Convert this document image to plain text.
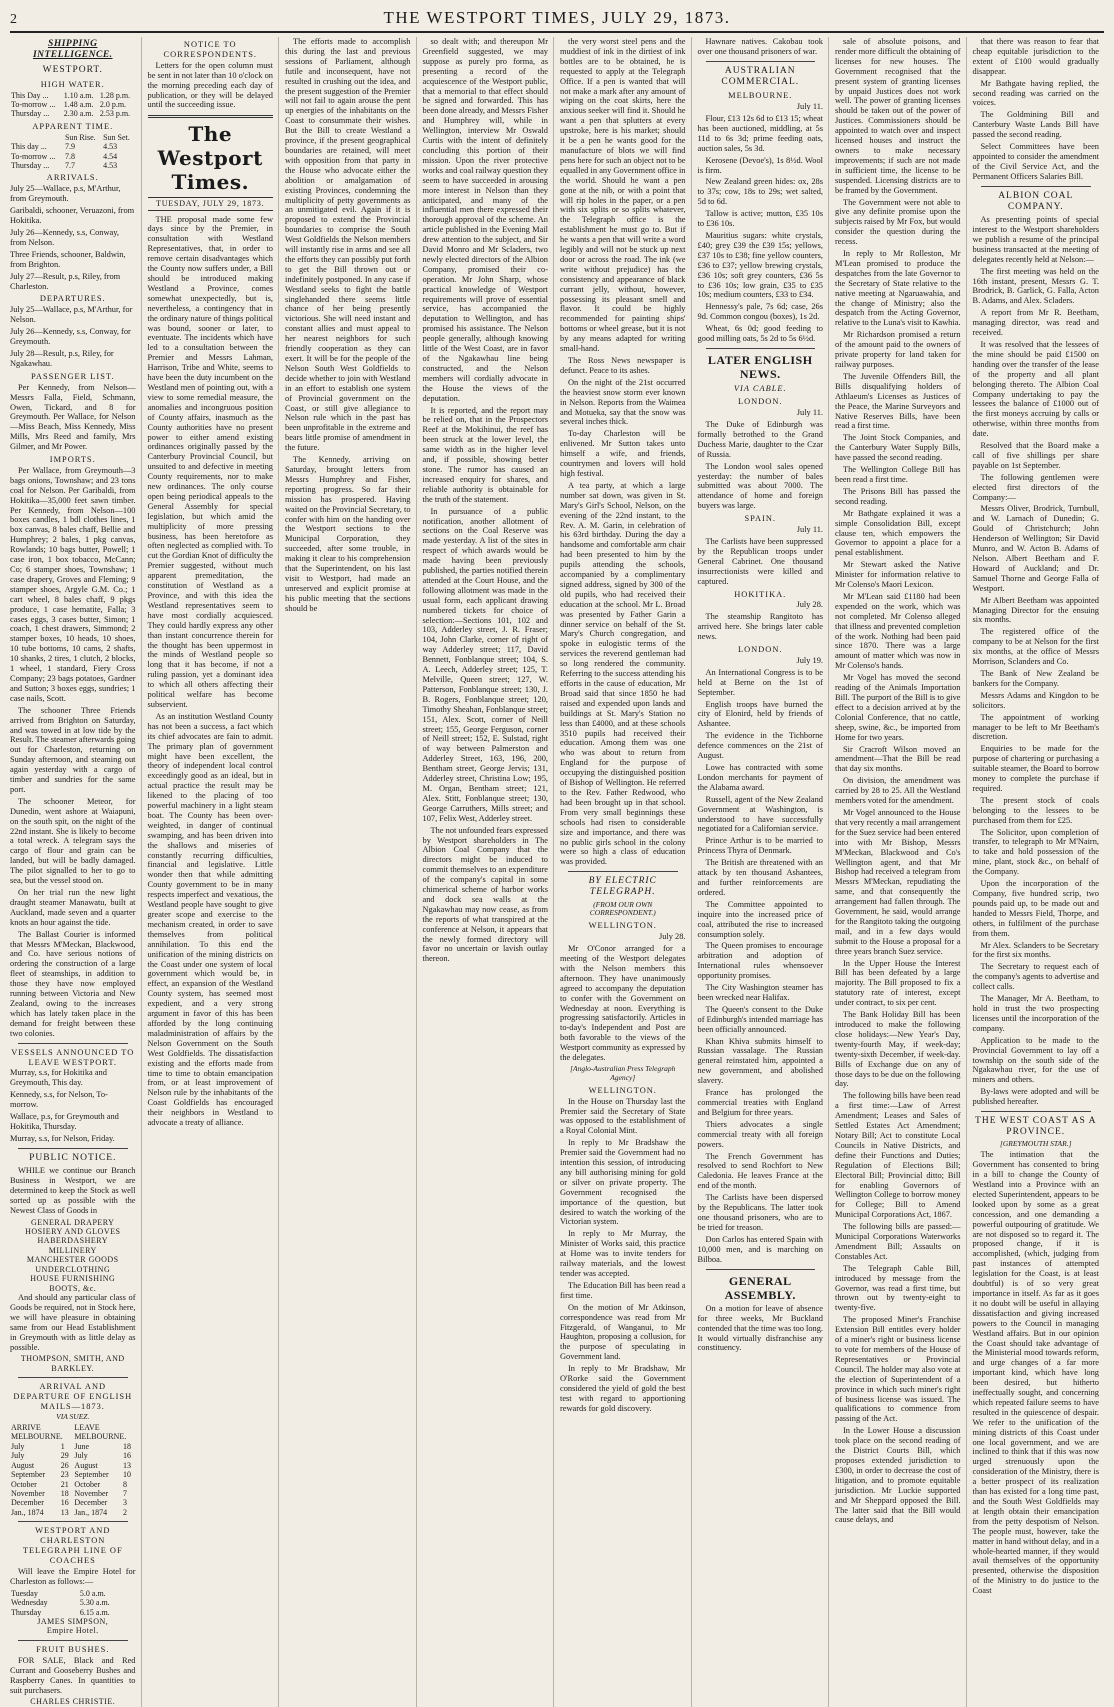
2	THE WESTPORT TIMES, JULY 29, 1873.
SHIPPING INTELLIGENCE.
WESTPORT.
HIGH WATER.
This Day ...	1.10 a.m.	1.28 p.m.
To-morrow ...	1.48 a.m.	2.0 p.m.
Thursday ...	2.30 a.m.	2.53 p.m.
APPARENT TIME.
	Sun Rise.	Sun Set.
This day ...	7.9	4.53
To-morrow ...	7.8	4.54
Thursday ...	7.7	4.53
ARRIVALS.
July 25—Wallace, p.s, M'Arthur, from Greymouth.
Garibaldi, schooner, Veruazoni, from Hokitika.
July 26—Kennedy, s.s, Conway, from Nelson.
Three Friends, schooner, Baldwin, from Brighton.
July 27—Result, p.s, Riley, from Charleston.
DEPARTURES.
July 25—Wallace, p.s, M'Arthur, for Nelson.
July 26—Kennedy, s.s, Conway, for Greymouth.
July 28—Result, p.s, Riley, for Ngakawhau.
PASSENGER LIST.
Per Kennedy, from Nelson—Messrs Falla, Field, Schmann, Owen, Tickard, and 8 for Greymouth. Per Wallace, for Nelson—Miss Beach, Miss Kennedy, Miss Mills, Mrs Reed and family, Mrs Gilmer, and Mr Power.
IMPORTS.
Per Wallace, from Greymouth—3 bags onions, Townshaw; and 23 tons coal for Nelson. Per Garibaldi, from Hokitika—35,000 feet sawn timber. Per Kennedy, from Nelson—100 boxes candles, 1 bdl clothes lines, 1 box canvas, 8 bales chaff, Bellie and Humphrey; 2 bales, 1 pkg canvas, Rowlands; 10 bags butter, Powell; 1 case iron, 1 box tobacco, McCann; Co; 6 stamper shoes, Townshaw; 1 case drapery, Groves and Fleming; 9 stamper shoes, Argyle G.M. Co.; 1 cart wheel, 8 bales chaff, 9 pkgs produce, 1 case hematite, Falla; 3 cases eggs, 3 cases butter, Simon; 1 coach, 1 chest drawers, Simmond; 2 stamper boxes, 10 heads, 10 shoes, 10 tube bottoms, 10 cams, 2 shafts, 10 shanks, 2 tires, 1 clutch, 2 blocks, 1 wheel, 1 standard, Fiery Cross Company; 23 bags potatoes, Gardner and Sutton; 3 boxes eggs, sundries; 1 case nails, Scott.
The schooner Three Friends arrived from Brighton on Saturday, and was towed in at low tide by the Result. The steamer afterwards going out for Charleston, returning on Sunday afternoon, and steaming out again yesterday with a cargo of timber and sundries for the same port.
The schooner Meteor, for Dunedin, went ashore at Waiapuni, on the south spit, on the night of the 22nd instant. She is likely to become a total wreck. A telegram says the cargo of flour and grain can be landed, but will be badly damaged. The pilot signalled to her to go to sea, but the vessel stood on.
On her trial run the new light draught steamer Manawatu, built at Auckland, made seven and a quarter knots an hour against the tide.
The Ballast Courier is informed that Messrs M'Meckan, Blackwood, and Co. have serious notions of ordering the construction of a large fleet of steamships, in addition to those they have now employed running between Victoria and New Zealand, owing to the increases which has lately taken place in the demand for freight between these two colonies.
VESSELS ANNOUNCED TO LEAVE WESTPORT.
Murray, s.s, for Hokitika and Greymouth, This day.
Kennedy, s.s, for Nelson, To-morrow.
Wallace, p.s, for Greymouth and Hokitika, Thursday.
Murray, s.s, for Nelson, Friday.
PUBLIC NOTICE.
WHILE we continue our Branch Business in Westport, we are determined to keep the Stock as well sorted up as possible with the Newest Class of Goods in
GENERAL DRAPERY
HOSIERY AND GLOVES
HABERDASHERY
MILLINERY
MANCHESTER GOODS
UNDERCLOTHING
HOUSE FURNISHING
BOOTS, &c.
And should any particular class of Goods be required, not in Stock here, we will have pleasure in obtaining same from our Head Establishment in Greymouth with as little delay as possible.
THOMPSON, SMITH, AND BARKLEY.
ARRIVAL AND DEPARTURE OF ENGLISH MAILS—1873.
VIA SUEZ.
ARRIVE MELBOURNE.		LEAVE MELBOURNE.	
July	1	June	18
July	29	July	16
August	26	August	13
September	23	September	10
October	21	October	8
November	18	November	7
December	16	December	3
Jan., 1874	13	Jan., 1874	2
WESTPORT AND CHARLESTON TELEGRAPH LINE OF COACHES
Will leave the Empire Hotel for Charleston as follows:—
Tuesday	5.0 a.m.
Wednesday	5.30 a.m.
Thursday	6.15 a.m.
JAMES SIMPSON,
Empire Hotel.
FRUIT BUSHES.
FOR SALE, Black and Red Currant and Gooseberry Bushes and Raspberry Canes. In quantities to suit purchasers.
CHARLES CHRISTIE.
NOTICE TO CORRESPONDENTS.
Letters for the open column must be sent in not later than 10 o'clock on the morning preceding each day of publication, or they will be delayed until the succeeding issue.
The Westport Times.
TUESDAY, JULY 29, 1873.
THE proposal made some few days since by the Premier, in consultation with Westland Representatives, that, in order to remove certain disadvantages which the County now suffers under, a Bill should be introduced making Westland a Province, comes somewhat unexpectedly, but is, nevertheless, a contingency that in the ordinary nature of things political was bound, sooner or later, to eventuate. The incidents which have led to a consultation between the Premier and Messrs Lahman, Harrison, Tribe and White, seems to have been the duty incumbent on the Westland men of pointing out, with a view to some remedial measure, the anomalies and incongruous position of County affairs, inasmuch as the County authorities have no present power to either amend existing ordinances originally passed by the Canterbury Provincial Council, but unsuited to and defective in meeting County requirements, nor to make new ordinances. The only course open being periodical appeals to the General Assembly for special legislation, but which amid the multiplicity of more pressing business, has been heretofore as often neglected as complied with. To cut the Gordian Knot of difficulty the Premier suggested, without much apparent premeditation, the constitution of Westland as a Province, and with this idea the Westland representatives seem to have most cordially acquiesced. They could hardly express any other than instant concurrence therein for the thought has been uppermost in the minds of Westland people so long that it has become, if not a ruling passion, yet a dominant idea to which all others affecting their political welfare has become subservient.
As an institution Westland County has not been a success, a fact which its chief advocates are fain to admit. The primary plan of government might have been excellent, the theory of independent local control exceedingly good as an ideal, but in actual practice the result may be likened to the placing of too powerful machinery in a light steam boat. The County has been over-weighted, in danger of continual swamping, and has been driven into the shallows and miseries of constantly recurring difficulties, financial and legislative. Little wonder then that while admitting County government to be in many respects imperfect and vexatious, the Westland people have sought to give greater scope and exercise to the mechanism created, in order to save themselves from political annihilation. To this end the unification of the mining districts on the Coast under one system of local government which would be, in effect, an expansion of the Westland County system, has seemed most expedient, and a very strong argument in favor of this has been afforded by the long continuing maladministration of affairs by the Nelson Government on the South West Goldfields. The dissatisfaction existing and the efforts made from time to time to obtain emancipation from, or at least improvement of Nelson rule by the inhabitants of the Coast Goldfields has encouraged their neighbors in Westland to advocate a treaty of alliance.
The efforts made to accomplish this during the last and previous sessions of Parliament, although futile and inconsequent, have not resulted in crushing out the idea, and the present suggestion of the Premier will not fail to again arouse the pent up energies of the inhabitants on the Coast to consummate their wishes. But the Bill to create Westland a province, if the present geographical boundaries are retained, will meet with opposition from that party in the House who advocate either the abolition or amalgamation of existing Provinces, condemning the multiplicity of petty governments as an unmitigated evil. Again if it is proposed to extend the Provincial boundaries to comprise the South West Goldfields the Nelson members will instantly rise in arms and see all the efforts they can possibly put forth to get the Bill thrown out or indefinitely postponed. In any case if Westland seeks to fight the battle singlehanded there seems little chance of her being presently victorious. She will need instant and constant allies and must appeal to her nearest neighbors for such friendly cooperation as they can exert. It will be for the people of the Nelson South West Goldfields to decide whether to join with Westland in an effort to establish one system of Provincial government on the Coast, or still give allegiance to Nelson rule which in the past has been unprofitable in the extreme and bears little promise of amendment in the future.
The Kennedy, arriving on Saturday, brought letters from Messrs Humphrey and Fisher, reporting progress. So far their mission has prospered. Having waited on the Provincial Secretary, to confer with him on the handing over the Westport sections to the Municipal Corporation, they succeeded, after some trouble, in making it clear to his comprehension that the Superintendent, on his last visit to Westport, had made an unreserved and explicit promise at his public meeting that the sections should be
so dealt with; and thereupon Mr Greenfield suggested, we may suppose as purely pro forma, as presenting a record of the acquiescence of the Westport public, that a memorial to that effect should be signed and forwarded. This has been done already, and Messrs Fisher and Humphrey will, while in Wellington, interview Mr Oswald Curtis with the intent of definitely concluding this portion of their mission. Upon the river protective works and coal railway question they seem to have succeeded in arousing more interest in Nelson than they anticipated, and many of the influential men there expressed their thorough approval of the scheme. An article published in the Evening Mail drew attention to the subject, and Sir David Monro and Mr Scladers, two newly elected directors of the Albion Company, promised their co-operation. Mr John Sharp, whose practical knowledge of Westport requirements will prove of essential service, has accompanied the deputation to Wellington, and has promised his assistance. The Nelson people generally, although knowing little of the West Coast, are in favor of the Ngakawhau line being constructed, and the Nelson members will cordially advocate in the House the views of the deputation.
It is reported, and the report may be relied on, that in the Prospectors Reef at the Mokihinui, the reef has been struck at the lower level, the same width as in the higher level and, if possible, showing better stone. The rumor has caused an increased enquiry for shares, and reliable authority is obtainable for the truth of the statement.
In pursuance of a public notification, another allotment of sections on the Coal Reserve was made yesterday. A list of the sites in respect of which awards would be made having been previously published, the parties notified therein attended at the Court House, and the following allotment was made in the usual form, each applicant drawing numbered tickets for choice of selection:—Sections 101, 102 and 103, Adderley street, J. R. Fraser; 104, John Clarke, corner of right of way Adderley street; 117, David Bennett, Fonblanque street; 104, S. A. Leech, Adderley street; 125, T. Melville, Queen street; 127, W. Patterson, Fonblanque street; 130, J. B. Rogers, Fonblanque street; 120, Timothy Sheahan, Fonblanque street; 151, Alex. Scott, corner of Neill street; 155, George Ferguson, corner of Neill street; 152, E. Sulstad, right of way between Palmerston and Adderley Street, 163, 196, 200, Bentham street, George Jervis; 131, Adderley street, Christina Low; 195, M. Organ, Bentham street; 121, Alex. Stitt, Fonblanque street; 130, George Carruthers, Mills street; and 107, Felix West, Adderley street.
The not unfounded fears expressed by Westport shareholders in The Albion Coal Company that the directors might be induced to commit themselves to an expenditure of the company's capital in some chimerical scheme of harbor works and dock sea walls at the Ngakawhau may now cease, as from the reports of what transpired at the conference at Nelson, it appears that the newly formed directory will favor no uncertain or lavish outlay thereon.
the very worst steel pens and the muddiest of ink in the dirtiest of ink bottles are to be obtained, he is requested to apply at the Telegraph Office. If a pen is wanted that will not make a mark after any amount of wiping on the coat skirts, here the anxious seeker will find it. Should he want a pen that splutters at every upstroke, here is his market; should it be a pen he wants good for the manufacture of blots we will find pens here for such an object not to be equalled in any Government office in the world. Should he want a pen gone at the nib, or with a point that will rip holes in the paper, or a pen with six splits or so splits whatever, the Telegraph office is the establishment he must go to. But if he wants a pen that will write a word legibly and will not be stuck up next door or across the road. The ink (we write without prejudice) has the consistency and appearance of black currant jelly, without, however, possessing its pleasant smell and flavor. It could be highly recommended for painting ships' bottoms or wheel grease, but it is not by any means adapted for writing small-hand.
The Ross News newspaper is defunct. Peace to its ashes.
On the night of the 21st occurred the heaviest snow storm ever known in Nelson. Reports from the Waimea and Motueka, say that the snow was several inches thick.
To-day Charleston will be enlivened. Mr Sutton takes unto himself a wife, and friends, countrymen and lovers will hold high festival.
A tea party, at which a large number sat down, was given in St. Mary's Girl's School, Nelson, on the evening of the 22nd instant, to the Rev. A. M. Garin, in celebration of his 63rd birthday. During the day a handsome and comfortable arm chair had been presented to him by the pupils attending the schools, accompanied by a complimentary signed address, signed by 300 of the old pupils, who had received their education at the school. Mr L. Broad was presented by Father Garin a dinner service on behalf of the St. Mary's Church congregation, and spoke in eulogistic terms of the services the reverend gentleman had so long rendered the community. Referring to the success attending his efforts in the cause of education, Mr Broad said that since 1850 he had raised and expended upon lands and buildings at St. Mary's Station no less than £4000, and at these schools 3510 pupils had received their education. Among them was one who was about to return from England for the purpose of occupying the distinguished position of Bishop of Wellington. He referred to the Rev. Father Redwood, who had been brought up in that school. From very small beginnings these schools had risen to considerable size and importance, and there was no public girls school in the colony were so high a class of education was provided.
BY ELECTRIC TELEGRAPH.
(FROM OUR OWN CORRESPONDENT.)
WELLINGTON.
July 28.
Mr O'Conor arranged for a meeting of the Westport delegates with the Nelson members this afternoon. They have unanimously agreed to accompany the deputation to confer with the Government on Wednesday at noon. Everything is progressing satisfactorily. Articles in to-day's Independent and Post are both favorable to the views of the Westport community as expressed by the delegates.
[Anglo-Australian Press Telegraph Agency]
WELLINGTON.
In the House on Thursday last the Premier said the Secretary of State was opposed to the establishment of a Royal Colonial Mint.
In reply to Mr Bradshaw the Premier said the Government had no intention this session, of introducing any bill authorising mining for gold or silver on private property. The Government recognised the importance of the question, but desired to watch the working of the Victorian system.
In reply to Mr Murray, the Minister of Works said, this practice at Home was to invite tenders for railway materials, and the lowest tender was accepted.
The Education Bill has been read a first time.
On the motion of Mr Atkinson, correspondence was read from Mr Fitzgerald, of Wanganui, to Mr Haughton, proposing a collusion, for the purpose of speculating in Government land.
In reply to Mr Bradshaw, Mr O'Rorke said the Government considered the yield of gold the best test with regard to apportioning rewards for gold discovery.
Hawnare natives. Cakobau took over one thousand prisoners of war.
AUSTRALIAN COMMERCIAL.
MELBOURNE.
July 11.
Flour, £13 12s 6d to £13 15; wheat has been auctioned, middling, at 5s 11d to 6s 3d; prime feeding oats, auction sales, 5s 3d.
Kerosene (Devoe's), 1s 8½d. Wool is firm.
New Zealand green hides: ox, 28s to 37s; cow, 18s to 29s; wet salted, 5d to 6d.
Tallow is active; mutton, £35 10s to £36 10s.
Mauritius sugars: white crystals, £40; grey £39 the £39 15s; yellows, £37 10s to £38; fine yellow counters, £36 to £37; yellow brewing crystals, £36 10s; soft grey counters, £36 5s to £36 10s; low grain, £35 to £35 10s; medium counters, £33 to £34.
Hennessy's pale, 7s 6d; case, 26s 9d. Common congou (boxes), 1s 2d.
Wheat, 6s 0d; good feeding to good milling oats, 5s 2d to 5s 6½d.
LATER ENGLISH NEWS.
VIA CABLE.
LONDON.
July 11.
The Duke of Edinburgh was formally betrothed to the Grand Duchess Marie, daughter to the Czar of Russia.
The London wool sales opened yesterday: the number of bales submitted was about 7000. The attendance of home and foreign buyers was large.
SPAIN.
July 11.
The Carlists have been suppressed by the Republican troops under General Cabrinet. One thousand insurrectionists were killed and captured.
HOKITIKA.
July 28.
The steamship Rangitoto has arrived here. She brings later cable news.
LONDON.
July 19.
An International Congress is to be held at Berne on the 1st of September.
English troops have burned the city of Elonird, held by friends of Ashantee.
The evidence in the Tichborne defence commences on the 21st of August.
Lowe has contracted with some London merchants for payment of the Alabama award.
Russell, agent of the New Zealand Government at Washington, is understood to have successfully negotiated for a Californian service.
Prince Arthur is to be married to Princess Thyra of Denmark.
The British are threatened with an attack by ten thousand Ashantees, and further reinforcements are ordered.
The Committee appointed to inquire into the increased price of coal, attributed the rise to increased consumption solely.
The Queen promises to encourage arbitration and adoption of International rules whensoever opportunity promises.
The City Washington steamer has been wrecked near Halifax.
The Queen's consent to the Duke of Edinburgh's intended marriage has been officially announced.
Khan Khiva submits himself to Russian vassalage. The Russian general reinstated him, appointed a new government, and abolished slavery.
France has prolonged the commercial treaties with England and Belgium for three years.
Thiers advocates a single commercial treaty with all foreign powers.
The French Government has resolved to send Rochfort to New Caledonia. He leaves France at the end of the month.
The Carlists have been dispersed by the Republicans. The latter took one thousand prisoners, who are to be tried for treason.
Don Carlos has entered Spain with 10,000 men, and is marching on Bilboa.
GENERAL ASSEMBLY.
On a motion for leave of absence for three weeks, Mr Buckland contended that the time was too long. It would virtually disfranchise any constituency.
sale of absolute poisons, and render more difficult the obtaining of licenses for new houses. The Government recognised that the present system of granting licenses by unpaid Justices does not work well. The power of granting licenses should be taken out of the power of Justices. Commissioners should be appointed to watch over and inspect licensed houses and instruct the owners to make necessary improvements; if such are not made in sufficient time, the license to be suspended. Licensing districts are to be framed by the Government.
The Government were not able to give any definite promise upon the subjects raised by Mr Fox, but would consider the question during the recess.
In reply to Mr Rolleston, Mr M'Lean promised to produce the despatches from the late Governor to the Secretary of State relative to the native meeting at Ngaruawahia, and the change of Ministry; also the despatch from the Acting Governor, relative to the Luna's visit to Kawhia.
Mr Richardson promised a return of the amount paid to the owners of private property for land taken for railway purposes.
The Juvenile Offenders Bill, the Bills disqualifying holders of Athlaeum's Licenses as Justices of the Peace, the Marine Surveyors and Native Reserves Bills, have been read a first time.
The Joint Stock Companies, and the Canterbury Water Supply Bills, have passed the second reading.
The Wellington College Bill has been read a first time.
The Prisons Bill has passed the second reading.
Mr Bathgate explained it was a simple Consolidation Bill, except clause ten, which empowers the Governor to appoint a place for a penal establishment.
Mr Stewart asked the Native Minister for information relative to Mr Colenso's Maori Lexicon.
Mr M'Lean said £1180 had been expended on the work, which was not completed. Mr Colenso alleged that illness and prevented completion of the work. Nothing had been paid since 1870. There was a large amount of matter which was now in Mr Colenso's hands.
Mr Vogel has moved the second reading of the Animals Importation Bill. The purport of the Bill is to give effect to a decision arrived at by the Colonial Conference, that no cattle, sheep, swine, &c., be imported from Home for two years.
Sir Cracroft Wilson moved an amendment—That the Bill be read that day six months.
On division, the amendment was carried by 28 to 25. All the Westland members voted for the amendment.
Mr Vogel announced to the House that very recently a mail arrangement for the Suez service had been entered into with Mr Bishop, Messrs M'Meckan, Blackwood and Co's Wellington agent, and that Mr Bishop had received a telegram from Messrs M'Meckan, repudiating the same, and that consequently the arrangement had fallen through. The Government, he said, would arrange for the Rangitoto taking the outgoing mail, and in a few days would submit to the House a proposal for a three years branch Suez service.
In the Upper House the Interest Bill has been defeated by a large majority. The Bill proposed to fix a statutory rate of interest, except under contract, to six per cent.
The Bank Holiday Bill has been introduced to make the following close holidays:—New Year's Day, twenty-fourth May, if week-day; twenty-sixth December, if week-day. Bills of Exchange due on any of those days to be due on the following day.
The following bills have been read a first time:—Law of Arrest Amendment; Leases and Sales of Settled Estates Act Amendment; Notary Bill; Act to constitute Local Councils in Native Districts, and define their Functions and Duties; Regulation of Elections Bill; Electoral Bill; Provincial ditto; Bill for enabling Governors of Wellington College to borrow money for College; Bill to Amend Municipal Corporations Act, 1867.
The following bills are passed:—Municipal Corporations Waterworks Amendment Bill; Assaults on Constables Act.
The Telegraph Cable Bill, introduced by message from the Governor, was read a first time, but thrown out by twenty-eight to twenty-five.
The proposed Miner's Franchise Extension Bill entitles every holder of a miner's right or business license to vote for members of the House of Representatives or Provincial Council. The holder may also vote at the election of Superintendent of a province in which such miner's right of business license was issued. The qualifications to commence from passing of the Act.
In the Lower House a discussion took place on the second reading of the District Courts Bill, which proposes extended jurisdiction to £300, in order to decrease the cost of litigation, and to promote equitable jurisdiction. Mr Luckie supported and Mr Sheppard opposed the Bill. The latter said that the Bill would cause delays, and
that there was reason to fear that cheap equitable jurisdiction to the extent of £100 would gradually disappear.
Mr Bathgate having replied, the second reading was carried on the voices.
The Goldmining Bill and Canterbury Waste Lands Bill have passed the second reading.
Select Committees have been appointed to consider the amendment of the Civil Service Act, and the Permanent Officers Salaries Bill.
ALBION COAL COMPANY.
As presenting points of special interest to the Westport shareholders we publish a resume of the principal business transacted at the meeting of delegates recently held at Nelson:—
The first meeting was held on the 16th instant, present, Messrs G. T. Brodrick, B. Garlick, G. Falla, Acton B. Adams, and Alex. Scladers.
A report from Mr R. Beetham, managing director, was read and received.
It was resolved that the lessees of the mine should be paid £1500 on handing over the transfer of the lease of the property and all plant belonging thereto. The Albion Coal Company undertaking to pay the lessees the balance of £1000 out of the first moneys accruing by calls or otherwise, within three months from date.
Resolved that the Board make a call of five shillings per share payable on 1st September.
The following gentlemen were elected first directors of the Company:—
Messrs Oliver, Brodrick, Turnbull, and W. Larnach of Dunedin; G. Gould of Christchurch; John Henderson of Wellington; Sir David Munro, and W. Acton B. Adams of Nelson. Albert Beetham and F. Howard of Auckland; and Dr. Samuel Thorne and George Falla of Westport.
Mr Albert Beetham was appointed Managing Director for the ensuing six months.
The registered office of the company to be at Nelson for the first six months, at the office of Messrs Morrison, Sclanders and Co.
The Bank of New Zealand be bankers for the Company.
Messrs Adams and Kingdon to be solicitors.
The appointment of working manager to be left to Mr Beetham's discretion.
Enquiries to be made for the purpose of chartering or purchasing a suitable steamer, the Board to borrow money to complete the purchase if required.
The present stock of coals belonging to the lessees to be purchased from them for £25.
The Solicitor, upon completion of transfer, to telegraph to Mr M'Nairn, to take and hold possession of the mine, plant, stock &c., on behalf of the Company.
Upon the incorporation of the Company, five hundred scrip, two pounds paid up, to be made out and handed to Messrs Field, Thorpe, and others, in fulfilment of the purchase from them.
Mr Alex. Sclanders to be Secretary for the first six months.
The Secretary to request each of the company's agents to advertise and collect calls.
The Manager, Mr A. Beetham, to hold in trust the two prospecting licenses until the incorporation of the company.
Application to be made to the Provincial Government to lay off a township on the south side of the Ngakawhau river, for the use of miners and others.
By-laws were adopted and will be published hereafter.
THE WEST COAST AS A PROVINCE.
[GREYMOUTH STAR.]
The intimation that the Government has consented to bring in a bill to change the County of Westland into a Province with an elected Superintendent, appears to be looked upon by some as a great concession, and one demanding a powerful outpouring of gratitude. We are not disposed so to regard it. The proposed change, if it is accomplished, (which, judging from past instances of attempted legislation for the Coast, is at least doubtful) is of so very great importance in itself. As far as it goes it no doubt will be useful in allaying dissatisfaction and giving increased powers to the Council in managing Westland affairs. But in our opinion the Coast should take advantage of the Ministerial mood towards reform, and urge changes of a far more important kind, which have long been desired, but hitherto ineffectually sought, and concerning which repeated failure seems to have resulted in the quiescence of despair. We refer to the unification of the mining districts of this Coast under one local government, and we are inclined to think that if this was now urged strenuously upon the consideration of the Ministry, there is a better prospect of its realization than has existed for a long time past, and the South West Goldfields may at length obtain their emancipation from the petty despotism of Nelson. The people must, however, take the matter in hand without delay, and in a whole-hearted manner, if they would avail themselves of the opportunity presented, otherwise the disposition of the Ministry to do justice to the Coast
